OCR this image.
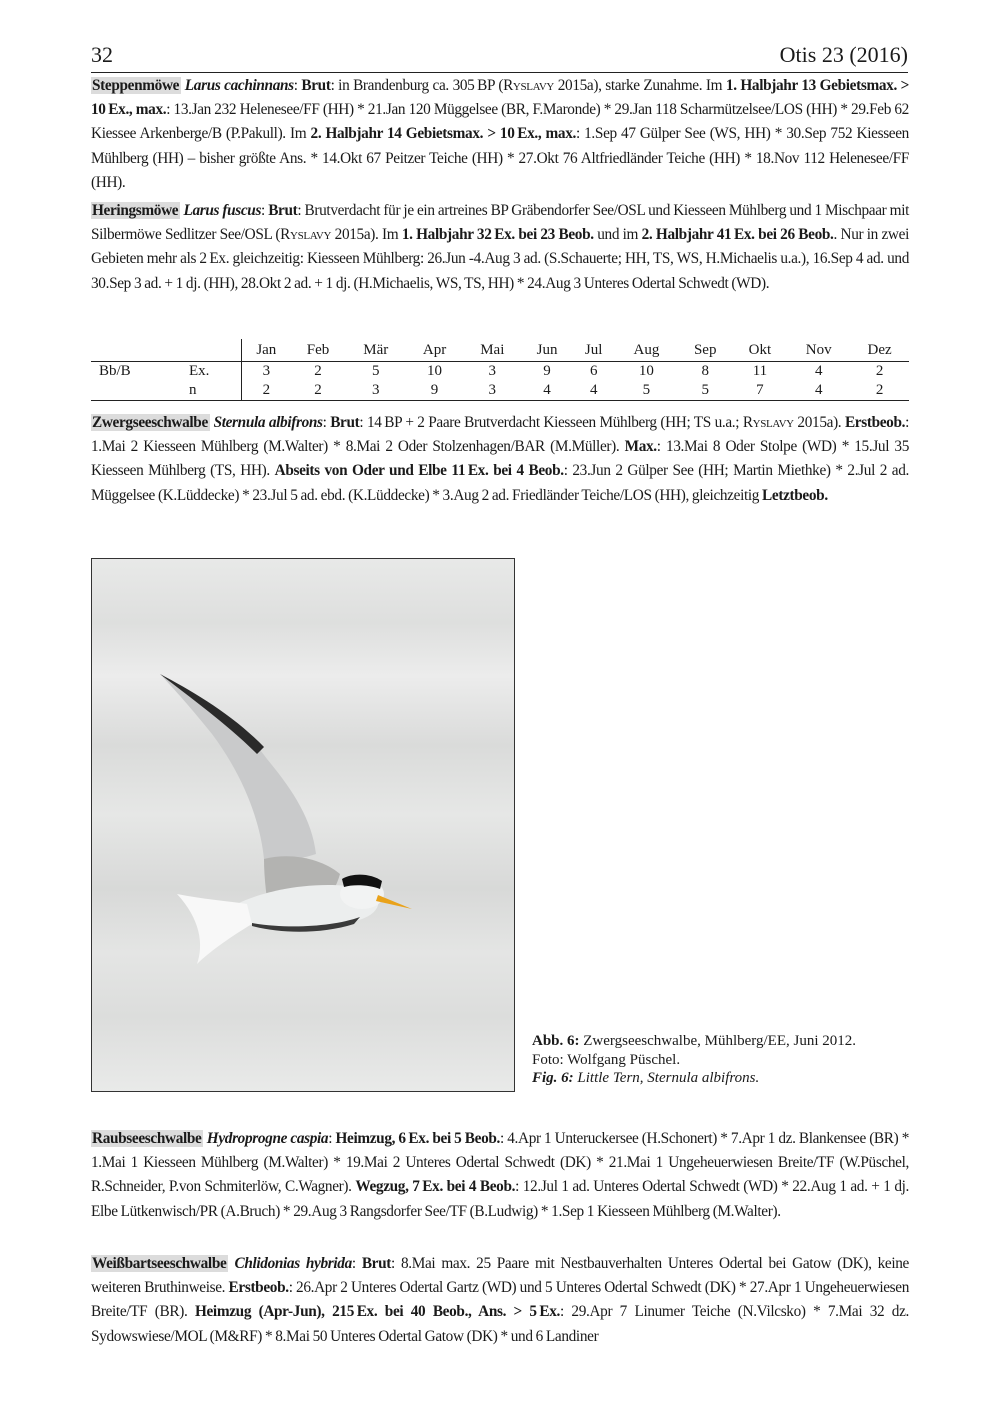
32	Otis 23 (2016)

Steppenmöwe Larus cachinnans: Brut: in Brandenburg ca. 305 BP (Ryslavy 2015a), starke Zunahme. Im 1. Halbjahr 13 Gebietsmax. > 10 Ex., max.: 13.Jan 232 Helenesee/FF (HH) * 21.Jan 120 Müggelsee (BR, F.Maronde) * 29.Jan 118 Scharmützelsee/LOS (HH) * 29.Feb 62 Kiessee Arkenberge/B (P.Pakull). Im 2. Halbjahr 14 Gebietsmax. > 10 Ex., max.: 1.Sep 47 Gülper See (WS, HH) * 30.Sep 752 Kiesseen Mühlberg (HH) – bisher größte Ans. * 14.Okt 67 Peitzer Teiche (HH) * 27.Okt 76 Altfriedländer Teiche (HH) * 18.Nov 112 Helenesee/FF (HH).

Heringsmöwe Larus fuscus: Brut: Brutverdacht für je ein artreines BP Gräbendorfer See/OSL und Kiesseen Mühlberg und 1 Mischpaar mit Silbermöwe Sedlitzer See/OSL (Ryslavy 2015a). Im 1. Halbjahr 32 Ex. bei 23 Beob. und im 2. Halbjahr 41 Ex. bei 26 Beob.. Nur in zwei Gebieten mehr als 2 Ex. gleichzeitig: Kiesseen Mühlberg: 26.Jun -4.Aug 3 ad. (S.Schauerte; HH, TS, WS, H.Michaelis u.a.), 16.Sep 4 ad. und 30.Sep 3 ad. + 1 dj. (HH), 28.Okt 2 ad. + 1 dj. (H.Michaelis, WS, TS, HH) * 24.Aug 3 Unteres Odertal Schwedt (WD).

			Jan	Feb	Mär	Apr	Mai	Jun	Jul	Aug	Sep	Okt	Nov	Dez
Bb/B	Ex.		3	2	5	10	3	9	6	10	8	11	4	2
	n		2	2	3	9	3	4	4	5	5	7	4	2

Zwergseeschwalbe Sternula albifrons: Brut: 14 BP + 2 Paare Brutverdacht Kiesseen Mühlberg (HH; TS u.a.; Ryslavy 2015a). Erstbeob.: 1.Mai 2 Kiesseen Mühlberg (M.Walter) * 8.Mai 2 Oder Stolzenhagen/BAR (M.Müller). Max.: 13.Mai 8 Oder Stolpe (WD) * 15.Jul 35 Kiesseen Mühlberg (TS, HH). Abseits von Oder und Elbe 11 Ex. bei 4 Beob.: 23.Jun 2 Gülper See (HH; Martin Miethke) * 2.Jul 2 ad. Müggelsee (K.Lüddecke) * 23.Jul 5 ad. ebd. (K.Lüddecke) * 3.Aug 2 ad. Friedländer Teiche/LOS (HH), gleichzeitig Letztbeob.

Abb. 6: Zwergseeschwalbe, Mühlberg/EE, Juni 2012.
Foto: Wolfgang Püschel.
Fig. 6: Little Tern, Sternula albifrons.

Raubseeschwalbe Hydroprogne caspia: Heimzug, 6 Ex. bei 5 Beob.: 4.Apr 1 Unteruckersee (H.Schonert) * 7.Apr 1 dz. Blankensee (BR) * 1.Mai 1 Kiesseen Mühlberg (M.Walter) * 19.Mai 2 Unteres Odertal Schwedt (DK) * 21.Mai 1 Ungeheuerwiesen Breite/TF (W.Püschel, R.Schneider, P.von Schmiterlöw, C.Wagner). Wegzug, 7 Ex. bei 4 Beob.: 12.Jul 1 ad. Unteres Odertal Schwedt (WD) * 22.Aug 1 ad. + 1 dj. Elbe Lütkenwisch/PR (A.Bruch) * 29.Aug 3 Rangsdorfer See/TF (B.Ludwig) * 1.Sep 1 Kiesseen Mühlberg (M.Walter).

Weißbartseeschwalbe Chlidonias hybrida: Brut: 8.Mai max. 25 Paare mit Nestbauverhalten Unteres Odertal bei Gatow (DK), keine weiteren Bruthinweise. Erstbeob.: 26.Apr 2 Unteres Odertal Gartz (WD) und 5 Unteres Odertal Schwedt (DK) * 27.Apr 1 Ungeheuerwiesen Breite/TF (BR). Heimzug (Apr-Jun), 215 Ex. bei 40 Beob., Ans. > 5 Ex.: 29.Apr 7 Linumer Teiche (N.Vilcsko) * 7.Mai 32 dz. Sydowswiese/MOL (M&RF) * 8.Mai 50 Unteres Odertal Gatow (DK) * und 6 Landiner
